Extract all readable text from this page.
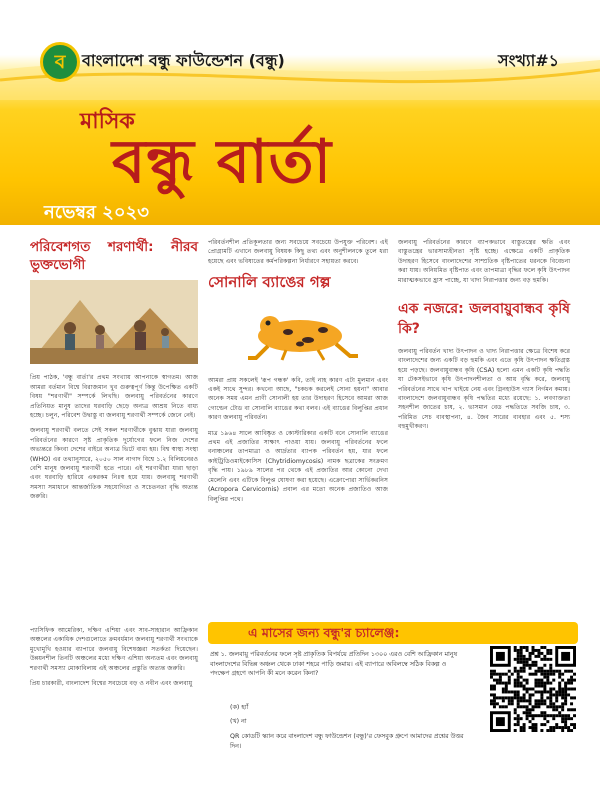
ব	বাংলাদেশ বন্ধু ফাউন্ডেশন (বন্ধু)	সংখ্যা#১
মাসিক
বন্ধু বার্তা
নভেম্বর ২০২৩
পরিবেশগত শরণার্থী: নীরব ভুক্তভোগী

প্রিয় পাঠক, 'বন্ধু বার্তা'র প্রথম সংখ্যায় আপনাকে স্বাগতম। আজ আমরা বর্তমান বিশ্বে বিরাজমান খুব গুরুত্বপূর্ণ কিন্তু উপেক্ষিত একটি বিষয় "শরণার্থী" সম্পর্কে লিখছি। জলবায়ু পরিবর্তনের কারণে প্রতিনিয়ত মানুষ তাদের ঘরবাড়ি ছেড়ে অন্যত্র আশ্রয় নিতে বাধ্য হচ্ছে। চলুন, পরিবেশ উদ্বাস্তু বা জলবায়ু শরণার্থী সম্পর্কে জেনে নেই।

জলবায়ু শরণার্থী বলতে সেই সকল শরণার্থীকে বুঝায় যারা জলবায়ু পরিবর্তনের কারণে সৃষ্ট প্রাকৃতিক দুর্যোগের ফলে নিজ দেশের অভ্যন্তরে কিংবা দেশের বাইরে অন্যত্র ভিটে বাধ্য হয়। বিশ্ব স্বাস্থ্য সংস্থা (WHO) এর তথ্যানুসারে, ২০৫০ সাল নাগাদ বিশ্বে ১.২ বিলিয়নেরও বেশি মানুষ জলবায়ু শরণার্থী হতে পারে। এই শরণার্থীরা যারা ছাড়া এবং ঘরবাড়ি হারিয়ে একরকম নিঃস্ব হয়ে যায়। জলবায়ু শরণার্থী সমস্যা সমাধানে আন্তর্জাতিক সহযোগিতা ও সচেতনতা বৃদ্ধি অত্যন্ত জরুরি।

প্যাসিফিক আমেরিকা, দক্ষিণ এশিয়া এবং সাব-সাহারান আফ্রিকান অঞ্চলের একাধিক দেশগুলোতে ক্রমবর্ধমান জলবায়ু শরণার্থী সংখ্যাকে মুখোমুখি হওয়ার ব্যাপারে জলবায়ু বিশেষজ্ঞরা সতর্কতা দিয়েছেন। উন্নয়নশীল তিনটি অঞ্চলের মধ্যে দক্ষিণ এশিয়া অন্যতম এবং জলবায়ু শরণার্থী সমস্যা মোকাবিলায় এই অঞ্চলের প্রস্তুতি অত্যন্ত জরুরি।

প্রিয় চারকারী, বাংলাদেশ বিশ্বের সবচেয়ে বড় ও নবীন এবং জলবায়ু

পরিবর্তনশীল প্রতিকূলতার জন্য সবচেয়ে সবচেয়ে উপযুক্ত পরিবেশ। এই প্রোগ্রামটি এখানে জলবায়ু বিষয়ক কিছু তথ্য এবং অনুশীলনকে তুলে ধরা হয়েছে এবং ভবিষ্যতের কর্মপরিকল্পনা নির্ধারণে সহায়তা করবে।

সোনালি ব্যাঙের গল্প

আমরা প্রায় সকলেই 'রূপ গন্ধক' কবি, তাই নাহ কারণ এটা মুলমান এবং একই সাথে সুন্দর। কখনো আছে, "চকচক করলেই সোনা হয়না" আবার অনেক সময় এমন প্রাণী সোনালী হয় তার উদাহরণ হিসেবে আমরা আজ গোল্ডেন টোড বা সোনালি ব্যাঙের কথা বলব। এই ব্যাঙের বিলুপ্তির প্রধান কারণ জলবায়ু পরিবর্তন।

মাত্র ১৯৬৪ সালে আবিষ্কৃত ও কোস্টারিকার একটি বনে সোনালি ব্যাঙের প্রথম এই প্রজাতির সাক্ষাৎ পাওয়া যায়। জলবায়ু পরিবর্তনের ফলে বনাঞ্চলের তাপমাত্রা ও আর্দ্রতার ব্যাপক পরিবর্তন হয়, যার ফলে কাইট্রিডিওমাইকোসিস (Chytridiomycosis) নামক ছত্রাকের সংক্রমণ বৃদ্ধি পায়। ১৯৮৯ সালের পর থেকে এই প্রজাতির আর কোনো দেখা মেলেনি এবং এটিকে বিলুপ্ত ঘোষণা করা হয়েছে। এক্রোপোরা সার্ভিকরনিস (Acropora Cervicornis) প্রবাল এর মতো অনেক প্রজাতিও আজ বিলুপ্তির পথে।

জলবায়ু পরিবর্তনের কারণে ব্যাপকভাবে বাস্তুতন্ত্রের ক্ষতি এবং বাস্তুতন্ত্রের ভারসাম্যহীনতা সৃষ্টি হচ্ছে। এক্ষেত্রে একটি প্রাকৃতিক উদাহরণ হিসেবে বাংলাদেশের সাম্প্রতিক বৃষ্টিপাতের ধরনকে বিবেচনা করা যায়। অনিয়মিত বৃষ্টিপাত এবং তাপমাত্রা বৃদ্ধির ফলে কৃষি উৎপাদন মারাত্মকভাবে হ্রাস পাচ্ছে, যা খাদ্য নিরাপত্তার জন্য বড় হুমকি।

এক নজরে: জলবায়ুবান্ধব কৃষি কি?

জলবায়ু পরিবর্তন খাদ্য উৎপাদন ও খাদ্য নিরাপত্তার ক্ষেত্রে বিশেষ করে বাংলাদেশের জন্য একটি বড় হুমকি এবং এতে কৃষি উৎপাদন ক্ষতিগ্রস্ত হয়ে পড়ছে। জলবায়ুবান্ধব কৃষি (CSA) হলো এমন একটি কৃষি পদ্ধতি যা টেকসইভাবে কৃষি উৎপাদনশীলতা ও আয় বৃদ্ধি করে, জলবায়ু পরিবর্তনের সাথে খাপ খাইয়ে নেয় এবং গ্রিনহাউস গ্যাস নির্গমন কমায়। বাংলাদেশে জলবায়ুবান্ধব কৃষি পদ্ধতির মধ্যে রয়েছে: ১. লবণাক্ততা সহনশীল জাতের চাষ, ২. ভাসমান বেড পদ্ধতিতে সবজি চাষ, ৩. পরিমিত সেচ ব্যবস্থাপনা, ৪. জৈব সারের ব্যবহার এবং ৫. শস্য বহুমুখীকরণ।

এ মাসের জন্য বন্ধু'র চ্যালেঞ্জ:
প্রশ্ন ১. জলবায়ু পরিবর্তনের ফলে সৃষ্ট প্রাকৃতিক বিপর্যয়ে প্রতিদিন ১৩০০ এরও বেশি আফ্রিকান মানুষ বাংলাদেশের বিভিন্ন অঞ্চল থেকে ঢাকা শহরে পাড়ি জমায়। এই ব্যাপারে অবিলম্বে সঠিক বিকল্প ও পদক্ষেপ গ্রহণে আপনি কী মনে করেন কিনা?
(ক) হ্যাঁ
(খ) না
QR কোডটি স্ক্যান করে বাংলাদেশ বন্ধু ফাউন্ডেশন (বন্ধু)'র ফেসবুক গ্রুপে আমাদের প্রশ্নের উত্তর দিন।
